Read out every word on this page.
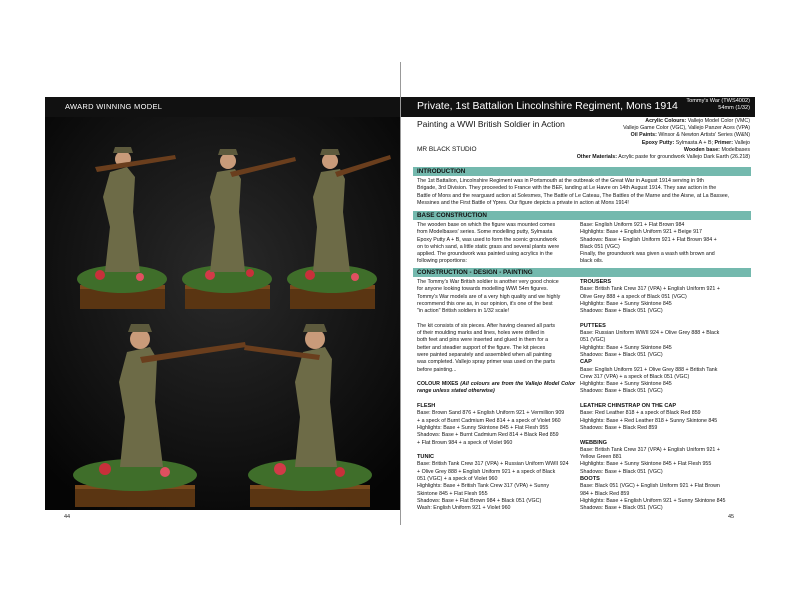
AWARD WINNING MODEL
44
Private, 1st Battalion Lincolnshire Regiment, Mons 1914 Tommy's War (TWS4002)
54mm (1/32)
Painting a WWI British Soldier in Action
MR BLACK STUDIO
Acrylic Colours: Vallejo Model Color (VMC)
Vallejo Game Color (VGC), Vallejo Panzer Aces (VPA)
Oil Paints: Winsor & Newton Artists' Series (W&N)
Epoxy Putty: Sylmasta A + B; Primer: Vallejo
Wooden base: Modelbases
Other Materials: Acrylic paste for groundwork Vallejo Dark Earth (26.218)
INTRODUCTION
The 1st Battalion, Lincolnshire Regiment was in Portsmouth at the outbreak of the Great War in August 1914 serving in 9th
Brigade, 3rd Division. They proceeded to France with the BEF, landing at Le Havre on 14th August 1914. They saw action in the
Battle of Mons and the rearguard action at Solesmes, The Battle of Le Cateau, The Battles of the Marne and the Aisne, at La Bassee,
Messines and the First Battle of Ypres. Our figure depicts a private in action at Mons 1914!
BASE CONSTRUCTION
The wooden base on which the figure was mounted comes
from Modelbases' series. Some modelling putty, Sylmasta
Epoxy Putty A + B, was used to form the scenic groundwork
on to which sand, a little static grass and several plants were
applied. The groundwork was painted using acrylics in the
following proportions:
Base: English Uniform 921 + Flat Brown 984
Highlights: Base + English Uniform 921 + Beige 917
Shadows: Base + English Uniform 921 + Flat Brown 984 +
Black 051 (VGC)
Finally, the groundwork was given a wash with brown and
black oils.
CONSTRUCTION - DESIGN - PAINTING
The Tommy's War British soldier is another very good choice
for anyone looking towards modelling WWI 54m figures.
Tommy's War models are of a very high quality and we highly
recommend this one as, in our opinion, it's one of the best
"in action" British soldiers in 1/32 scale!

The kit consists of six pieces. After having cleaned all parts
of their moulding marks and lines, holes were drilled in
both feet and pins were inserted and glued in them for a
better and steadier support of the figure. The kit pieces
were painted separately and assembled when all painting
was completed. Vallejo spray primer was used on the parts
before painting...

COLOUR MIXES (All colours are from the Vallejo Model Color range unless stated otherwise)

FLESH
Base: Brown Sand 876 + English Uniform 921 + Vermillion 909
+ a speck of Burnt Cadmium Red 814 + a speck of Violet 960
Highlights: Base + Sunny Skintone 845 + Flat Flesh 955
Shadows: Base + Burnt Cadmium Red 814 + Black Red 859
+ Flat Brown 984 + a speck of Violet 960

TUNIC
Base: British Tank Crew 317 (VPA) + Russian Uniform WWII 924
+ Olive Grey 888 + English Uniform 921 + a speck of Black
051 (VGC) + a speck of Violet 960
Highlights: Base + British Tank Crew 317 (VPA) + Sunny
Skintone 845 + Flat Flesh 955
Shadows: Base + Flat Brown 984 + Black 051 (VGC)
Wash: English Uniform 921 + Violet 960
TROUSERS
Base: British Tank Crew 317 (VPA) + English Uniform 921 +
Olive Grey 888 + a speck of Black 051 (VGC)
Highlights: Base + Sunny Skintone 845
Shadows: Base + Black 051 (VGC)

PUTTEES
Base: Russian Uniform WWII 924 + Olive Grey 888 + Black
051 (VGC)
Highlights: Base + Sunny Skintone 845
Shadows: Base + Black 051 (VGC)
CAP
Base: English Uniform 921 + Olive Grey 888 + British Tank
Crew 317 (VPA) + a speck of Black 051 (VGC)
Highlights: Base + Sunny Skintone 845
Shadows: Base + Black 051 (VGC)

LEATHER CHINSTRAP ON THE CAP
Base: Red Leather 818 + a speck of Black Red 859
Highlights: Base + Red Leather 818 + Sunny Skintone 845
Shadows: Base + Black Red 859

WEBBING
Base: British Tank Crew 317 (VPA) + English Uniform 921 +
Yellow Green 881
Highlights: Base + Sunny Skintone 845 + Flat Flesh 955
Shadows: Base + Black 051 (VGC)
BOOTS
Base: Black 051 (VGC) + English Uniform 921 + Flat Brown
984 + Black Red 859
Highlights: Base + English Uniform 921 + Sunny Skintone 845
Shadows: Base + Black 051 (VGC)
45
